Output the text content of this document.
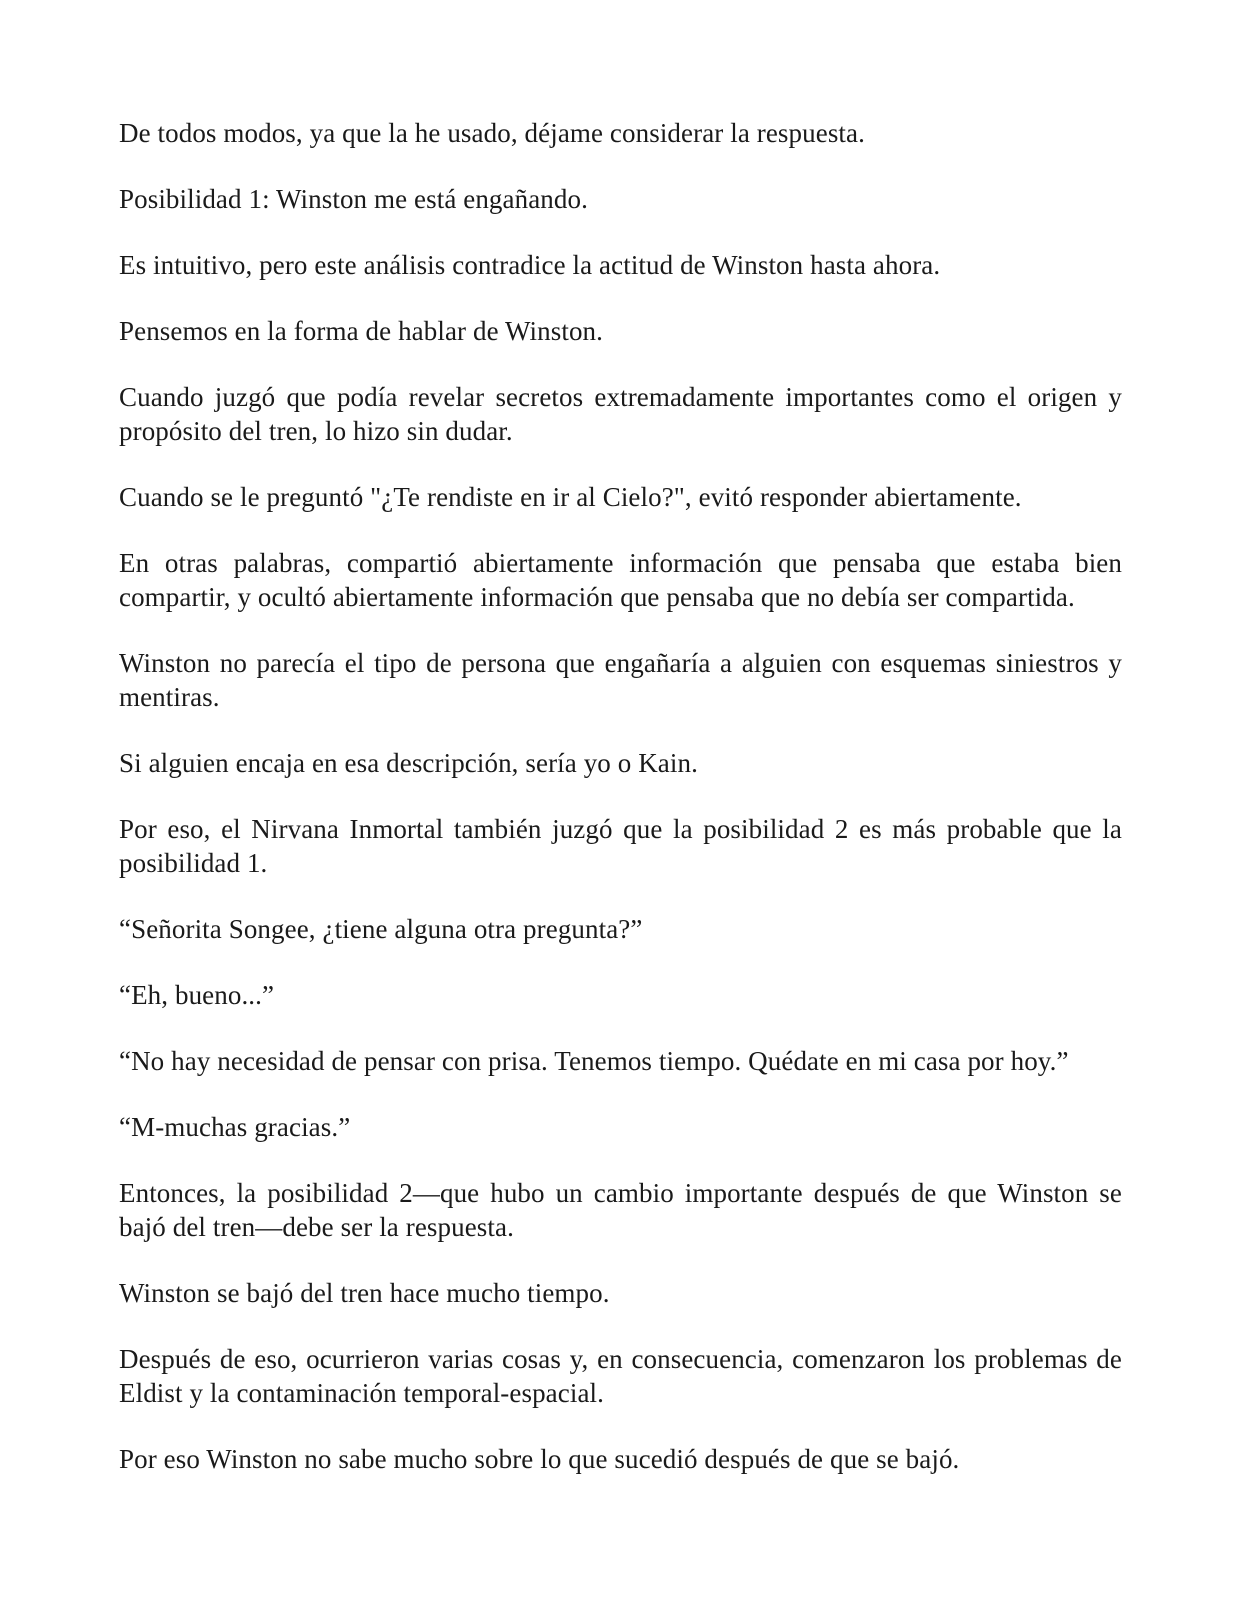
De todos modos, ya que la he usado, déjame considerar la respuesta.

Posibilidad 1: Winston me está engañando.

Es intuitivo, pero este análisis contradice la actitud de Winston hasta ahora.

Pensemos en la forma de hablar de Winston.

Cuando juzgó que podía revelar secretos extremadamente importantes como el origen y propósito del tren, lo hizo sin dudar.

Cuando se le preguntó "¿Te rendiste en ir al Cielo?", evitó responder abiertamente.

En otras palabras, compartió abiertamente información que pensaba que estaba bien compartir, y ocultó abiertamente información que pensaba que no debía ser compartida.

Winston no parecía el tipo de persona que engañaría a alguien con esquemas siniestros y mentiras.

Si alguien encaja en esa descripción, sería yo o Kain.

Por eso, el Nirvana Inmortal también juzgó que la posibilidad 2 es más probable que la posibilidad 1.

“Señorita Songee, ¿tiene alguna otra pregunta?”

“Eh, bueno...”

“No hay necesidad de pensar con prisa. Tenemos tiempo. Quédate en mi casa por hoy.”

“M-muchas gracias.”

Entonces, la posibilidad 2—que hubo un cambio importante después de que Winston se bajó del tren—debe ser la respuesta.

Winston se bajó del tren hace mucho tiempo.

Después de eso, ocurrieron varias cosas y, en consecuencia, comenzaron los problemas de Eldist y la contaminación temporal-espacial.

Por eso Winston no sabe mucho sobre lo que sucedió después de que se bajó.
